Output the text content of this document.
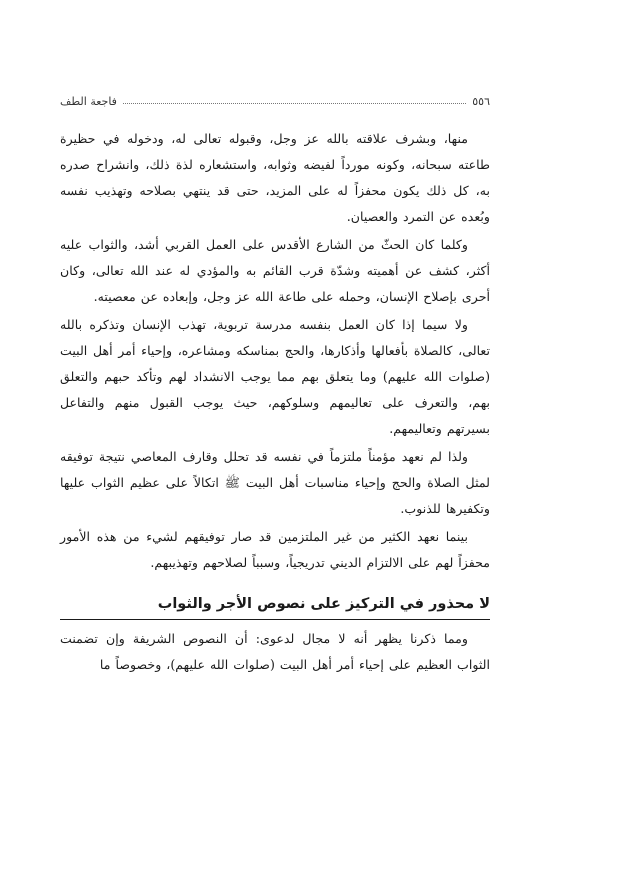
٥٥٦
فاجعة الطف

منها، وبشرف علاقته بالله عز وجل، وقبوله تعالى له، ودخوله في حظيرة طاعته سبحانه، وكونه مورداً لفيضه وثوابه، واستشعاره لذة ذلك، وانشراح صدره به، كل ذلك يكون محفزاً له على المزيد، حتى قد ينتهي بصلاحه وتهذيب نفسه وبُعده عن التمرد والعصيان.

وكلما كان الحثّ من الشارع الأقدس على العمل القربي أشد، والثواب عليه أكثر، كشف عن أهميته وشدّة قرب القائم به والمؤدي له عند الله تعالى، وكان أحرى بإصلاح الإنسان، وحمله على طاعة الله عز وجل، وإبعاده عن معصيته.

ولا سيما إذا كان العمل بنفسه مدرسة تربوية، تهذب الإنسان وتذكره بالله تعالى، كالصلاة بأفعالها وأذكارها، والحج بمناسكه ومشاعره، وإحياء أمر أهل البيت (صلوات الله عليهم) وما يتعلق بهم مما يوجب الانشداد لهم وتأكد حبهم والتعلق بهم، والتعرف على تعاليمهم وسلوكهم، حيث يوجب القبول منهم والتفاعل بسيرتهم وتعاليمهم.

ولذا لم نعهد مؤمناً ملتزماً في نفسه قد تحلل وقارف المعاصي نتيجة توفيقه لمثل الصلاة والحج وإحياء مناسبات أهل البيت ﷺ اتكالاً على عظيم الثواب عليها وتكفيرها للذنوب.

بينما نعهد الكثير من غير الملتزمين قد صار توفيقهم لشيء من هذه الأمور محفزاً لهم على الالتزام الديني تدريجياً، وسبباً لصلاحهم وتهذيبهم.

لا محذور في التركيز على نصوص الأجر والثواب

ومما ذكرنا يظهر أنه لا مجال لدعوى: أن النصوص الشريفة وإن تضمنت الثواب العظيم على إحياء أمر أهل البيت (صلوات الله عليهم)، وخصوصاً ما
